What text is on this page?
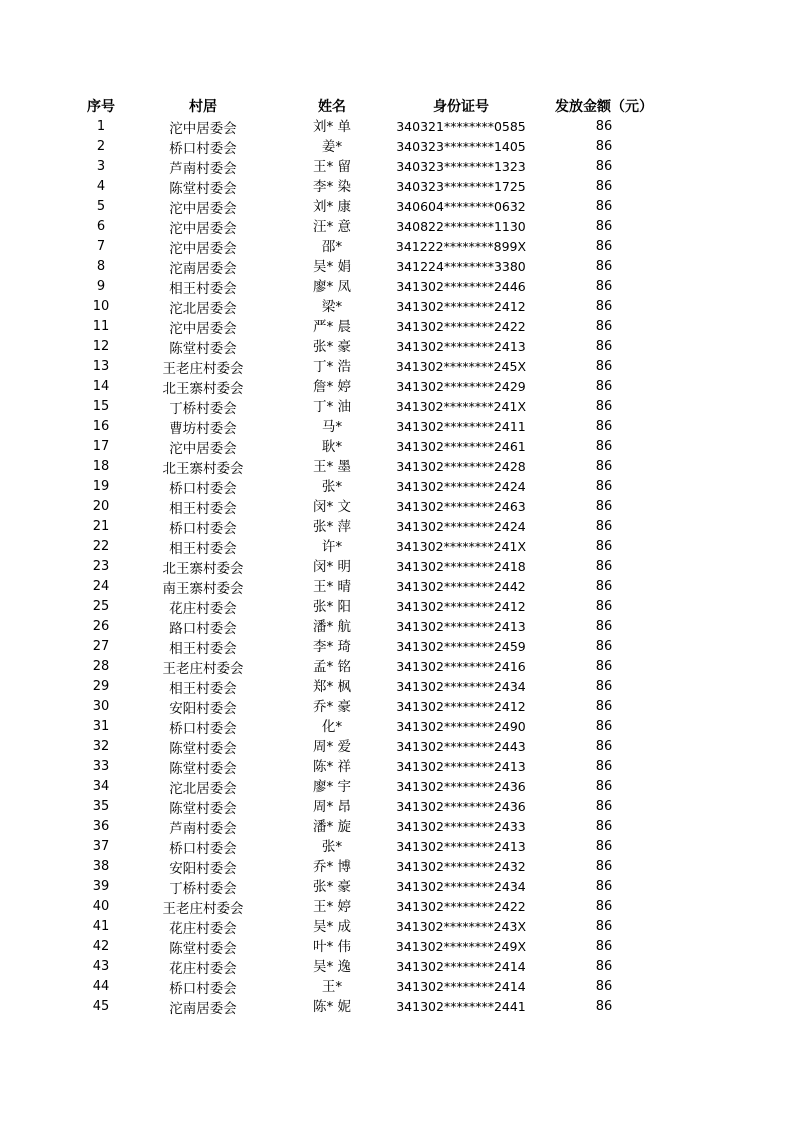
序号	村居	姓名	身份证号	发放金额（元）
1	沱中居委会	刘* 单	340321********0585	86
2	桥口村委会	姜*	340323********1405	86
3	芦南村委会	王* 留	340323********1323	86
4	陈堂村委会	李* 染	340323********1725	86
5	沱中居委会	刘* 康	340604********0632	86
6	沱中居委会	汪* 意	340822********1130	86
7	沱中居委会	邵*	341222********899X	86
8	沱南居委会	吴* 娟	341224********3380	86
9	相王村委会	廖* 凤	341302********2446	86
10	沱北居委会	梁*	341302********2412	86
11	沱中居委会	严* 晨	341302********2422	86
12	陈堂村委会	张* 豪	341302********2413	86
13	王老庄村委会	丁* 浩	341302********245X	86
14	北王寨村委会	詹* 婷	341302********2429	86
15	丁桥村委会	丁* 油	341302********241X	86
16	曹坊村委会	马*	341302********2411	86
17	沱中居委会	耿*	341302********2461	86
18	北王寨村委会	王* 墨	341302********2428	86
19	桥口村委会	张*	341302********2424	86
20	相王村委会	闵* 文	341302********2463	86
21	桥口村委会	张* 萍	341302********2424	86
22	相王村委会	许*	341302********241X	86
23	北王寨村委会	闵* 明	341302********2418	86
24	南王寨村委会	王* 晴	341302********2442	86
25	花庄村委会	张* 阳	341302********2412	86
26	路口村委会	潘* 航	341302********2413	86
27	相王村委会	李* 琦	341302********2459	86
28	王老庄村委会	孟* 铭	341302********2416	86
29	相王村委会	郑* 枫	341302********2434	86
30	安阳村委会	乔* 豪	341302********2412	86
31	桥口村委会	化*	341302********2490	86
32	陈堂村委会	周* 爱	341302********2443	86
33	陈堂村委会	陈* 祥	341302********2413	86
34	沱北居委会	廖* 宇	341302********2436	86
35	陈堂村委会	周* 昂	341302********2436	86
36	芦南村委会	潘* 旋	341302********2433	86
37	桥口村委会	张*	341302********2413	86
38	安阳村委会	乔* 博	341302********2432	86
39	丁桥村委会	张* 豪	341302********2434	86
40	王老庄村委会	王* 婷	341302********2422	86
41	花庄村委会	吴* 成	341302********243X	86
42	陈堂村委会	叶* 伟	341302********249X	86
43	花庄村委会	吴* 逸	341302********2414	86
44	桥口村委会	王*	341302********2414	86
45	沱南居委会	陈* 妮	341302********2441	86
